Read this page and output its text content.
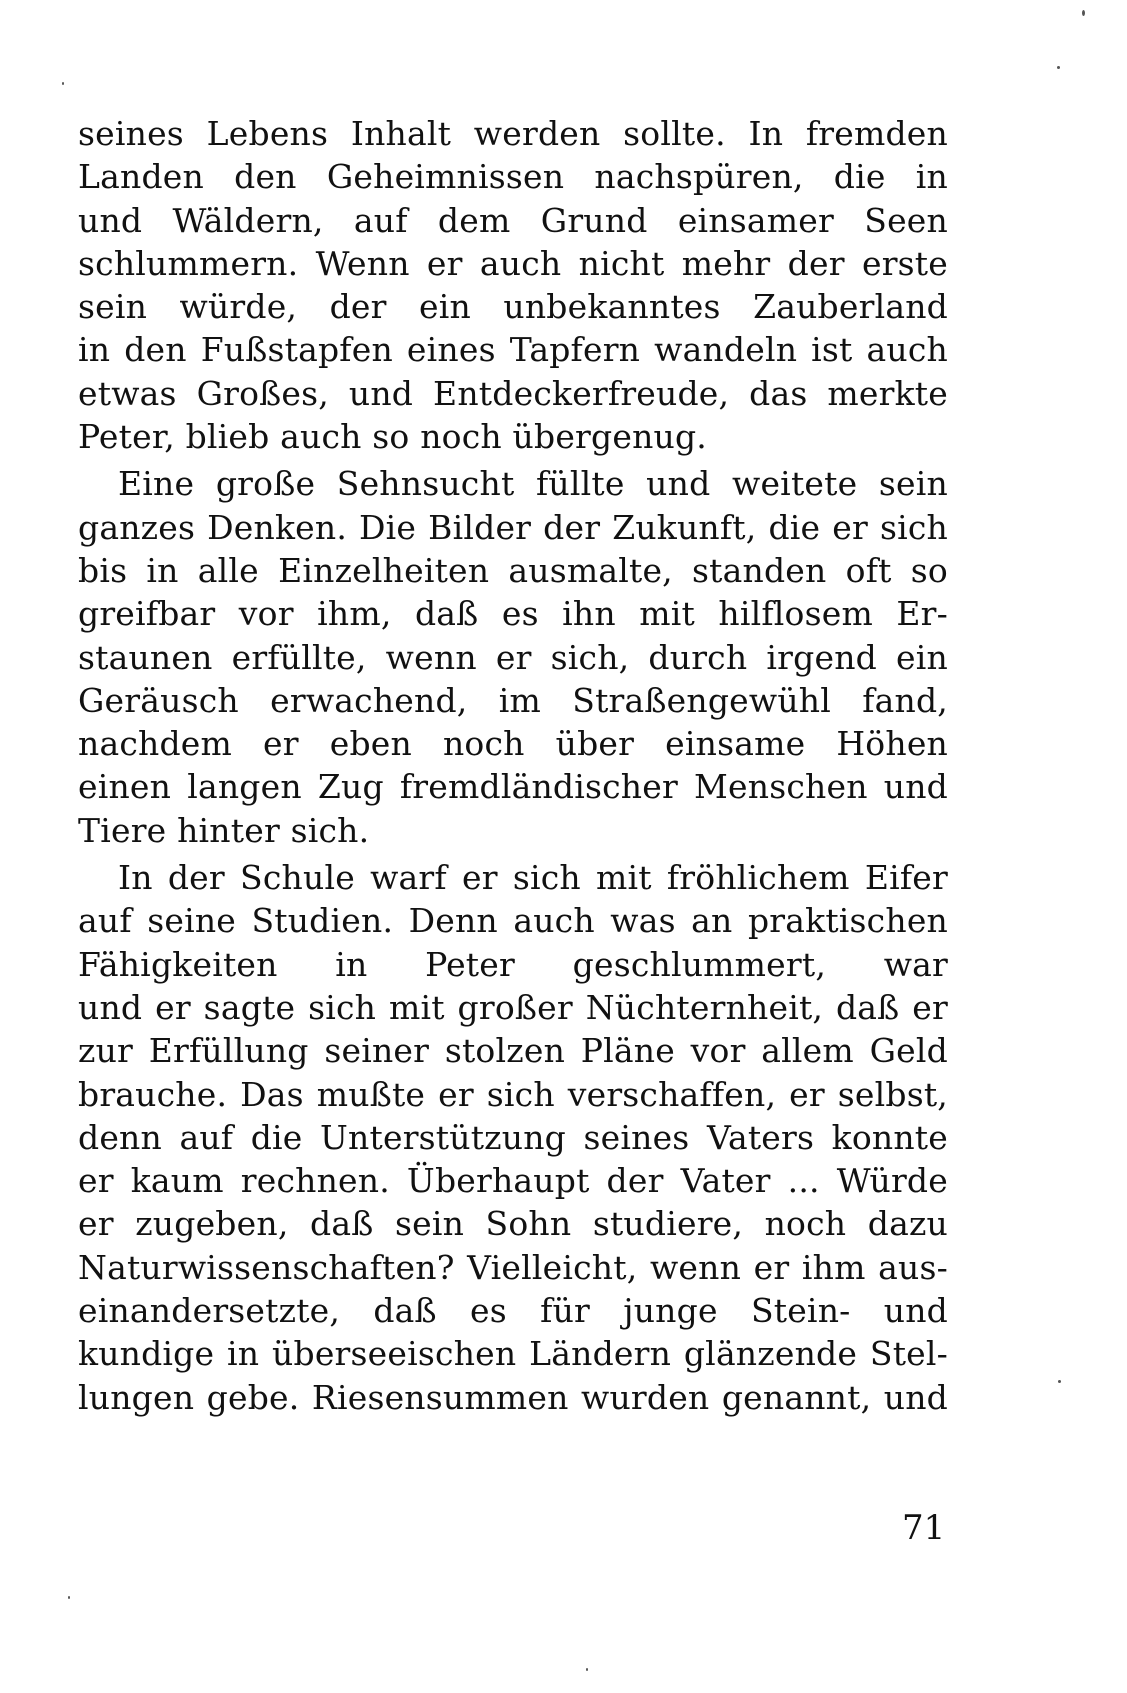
seines Lebens Inhalt werden sollte. In fremden
Landen den Geheimnissen nachspüren, die in
und Wäldern, auf dem Grund einsamer Seen
schlummern. Wenn er auch nicht mehr der erste
sein würde, der ein unbekanntes Zauberland
in den Fußstapfen eines Tapfern wandeln ist auch
etwas Großes, und Entdeckerfreude, das merkte
Peter, blieb auch so noch übergenug.
Eine große Sehnsucht füllte und weitete sein
ganzes Denken. Die Bilder der Zukunft, die er sich
bis in alle Einzelheiten ausmalte, standen oft so
greifbar vor ihm, daß es ihn mit hilflosem Er-
staunen erfüllte, wenn er sich, durch irgend ein
Geräusch erwachend, im Straßengewühl fand,
nachdem er eben noch über einsame Höhen
einen langen Zug fremdländischer Menschen und
Tiere hinter sich.
In der Schule warf er sich mit fröhlichem Eifer
auf seine Studien. Denn auch was an praktischen
Fähigkeiten in Peter geschlummert, war
und er sagte sich mit großer Nüchternheit, daß er
zur Erfüllung seiner stolzen Pläne vor allem Geld
brauche. Das mußte er sich verschaffen, er selbst,
denn auf die Unterstützung seines Vaters konnte
er kaum rechnen. Überhaupt der Vater ... Würde
er zugeben, daß sein Sohn studiere, noch dazu
Naturwissenschaften? Vielleicht, wenn er ihm aus-
einandersetzte, daß es für junge Stein- und
kundige in überseeischen Ländern glänzende Stel-
lungen gebe. Riesensummen wurden genannt, und
71
